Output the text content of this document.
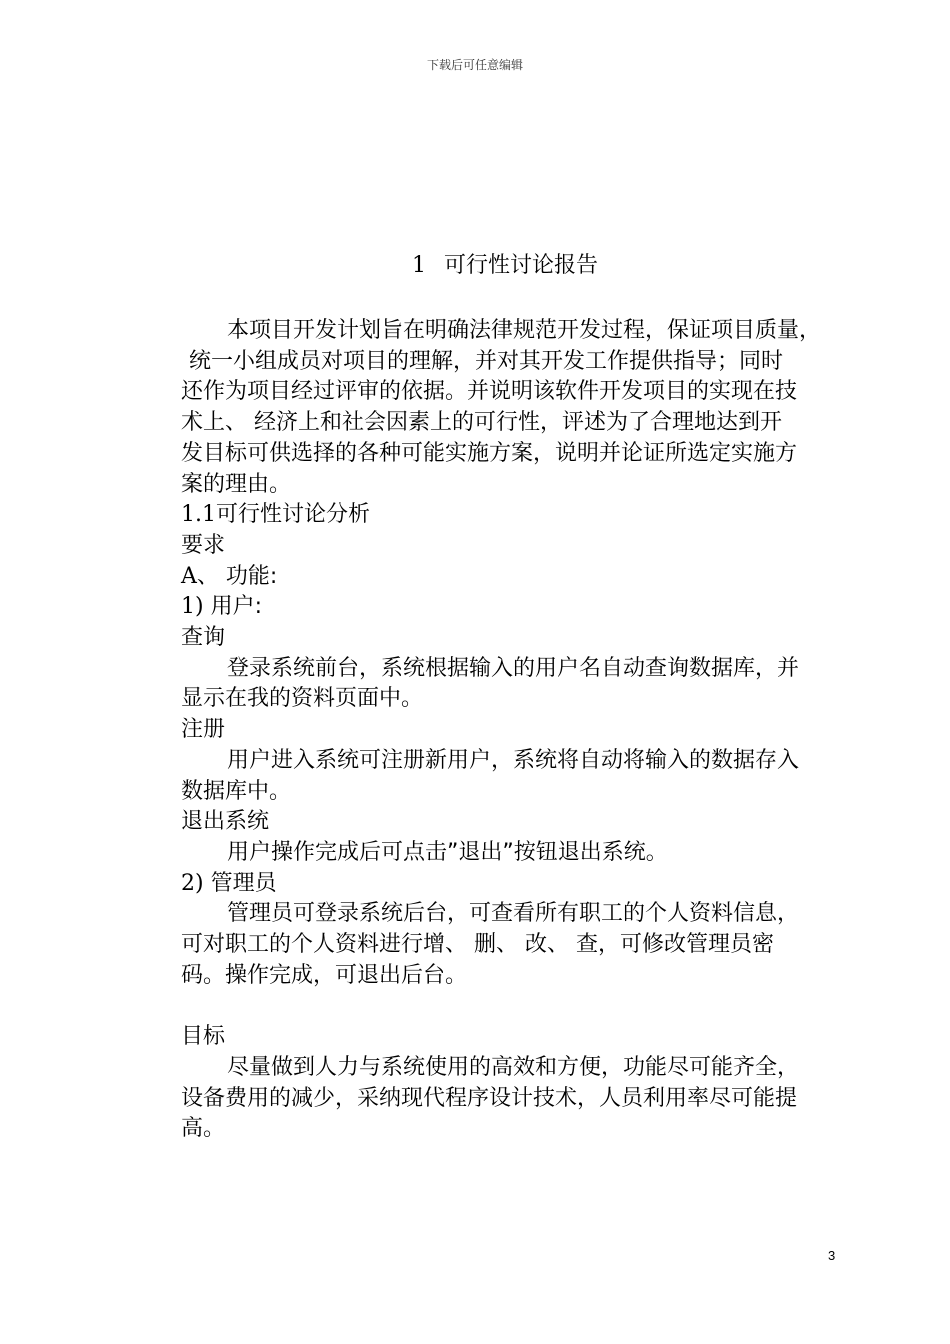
下载后可任意编辑
1 可行性讨论报告

本项目开发计划旨在明确法律规范开发过程，保证项目质量，

统一小组成员对项目的理解，并对其开发工作提供指导；同时

还作为项目经过评审的依据。并说明该软件开发项目的实现在技

术上、 经济上和社会因素上的可行性，评述为了合理地达到开

发目标可供选择的各种可能实施方案，说明并论证所选定实施方

案的理由。

1.1可行性讨论分析

要求

A、 功能:

1) 用户:

查询

登录系统前台，系统根据输入的用户名自动查询数据库，并

显示在我的资料页面中。

注册

用户进入系统可注册新用户，系统将自动将输入的数据存入

数据库中。

退出系统

用户操作完成后可点击”退出”按钮退出系统。

2) 管理员

管理员可登录系统后台，可查看所有职工的个人资料信息，

可对职工的个人资料进行增、 删、 改、 查，可修改管理员密

码。操作完成，可退出后台。

目标

尽量做到人力与系统使用的高效和方便，功能尽可能齐全，

设备费用的减少，采纳现代程序设计技术，人员利用率尽可能提

高。

3
